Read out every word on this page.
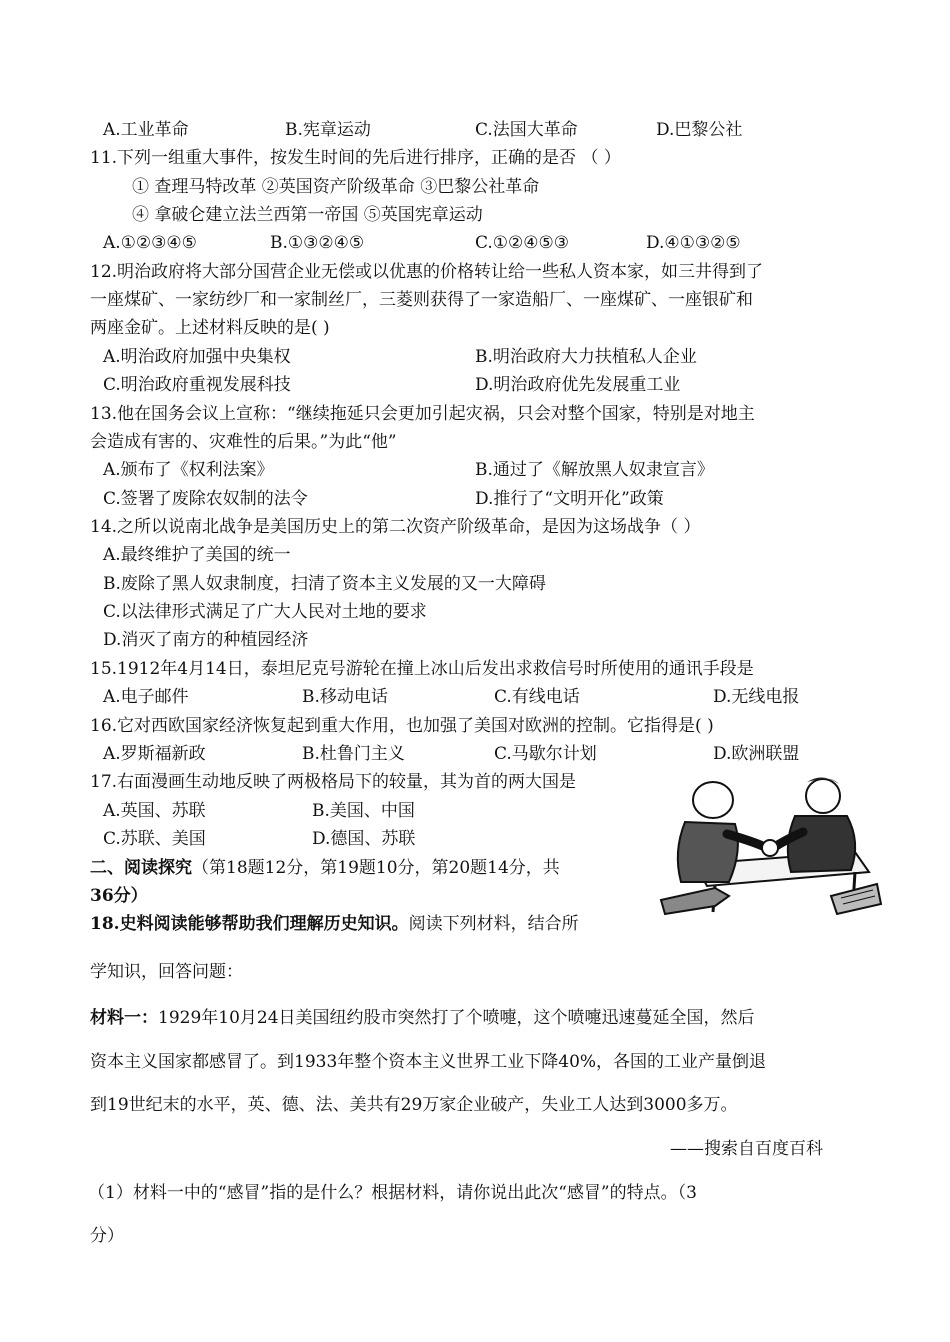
A.工业革命	B.宪章运动	C.法国大革命	D.巴黎公社
11.下列一组重大事件，按发生时间的先后进行排序，正确的是否 （ ）
① 查理马特改革 ②英国资产阶级革命 ③巴黎公社革命
④ 拿破仑建立法兰西第一帝国 ⑤英国宪章运动
A.①②③④⑤	B.①③②④⑤	C.①②④⑤③	D.④①③②⑤
12.明治政府将大部分国营企业无偿或以优惠的价格转让给一些私人资本家，如三井得到了
一座煤矿、一家纺纱厂和一家制丝厂，三菱则获得了一家造船厂、一座煤矿、一座银矿和
两座金矿。上述材料反映的是( )
A.明治政府加强中央集权	B.明治政府大力扶植私人企业
C.明治政府重视发展科技	D.明治政府优先发展重工业
13.他在国务会议上宣称：“继续拖延只会更加引起灾祸，只会对整个国家，特别是对地主
会造成有害的、灾难性的后果。”为此“他”
A.颁布了《权利法案》	B.通过了《解放黑人奴隶宣言》
C.签署了废除农奴制的法令	D.推行了“文明开化”政策
14.之所以说南北战争是美国历史上的第二次资产阶级革命，是因为这场战争（ ）
A.最终维护了美国的统一
B.废除了黑人奴隶制度，扫清了资本主义发展的又一大障碍
C.以法律形式满足了广大人民对土地的要求
D.消灭了南方的种植园经济
15.1912年4月14日，泰坦尼克号游轮在撞上冰山后发出求救信号时所使用的通讯手段是
A.电子邮件	B.移动电话	C.有线电话	D.无线电报
16.它对西欧国家经济恢复起到重大作用，也加强了美国对欧洲的控制。它指得是( )
A.罗斯福新政	B.杜鲁门主义	C.马歇尔计划	D.欧洲联盟
17.右面漫画生动地反映了两极格局下的较量，其为首的两大国是
A.英国、苏联	B.美国、中国
C.苏联、美国	D.德国、苏联
二、阅读探究（第18题12分，第19题10分，第20题14分，共
36分）
18.史料阅读能够帮助我们理解历史知识。阅读下列材料，结合所
学知识，回答问题：
材料一：1929年10月24日美国纽约股市突然打了个喷嚏，这个喷嚏迅速蔓延全国，然后
资本主义国家都感冒了。到1933年整个资本主义世界工业下降40%，各国的工业产量倒退
到19世纪末的水平，英、德、法、美共有29万家企业破产，失业工人达到3000多万。
——搜索自百度百科
（1）材料一中的“感冒”指的是什么？根据材料，请你说出此次“感冒”的特点。（3
分）
